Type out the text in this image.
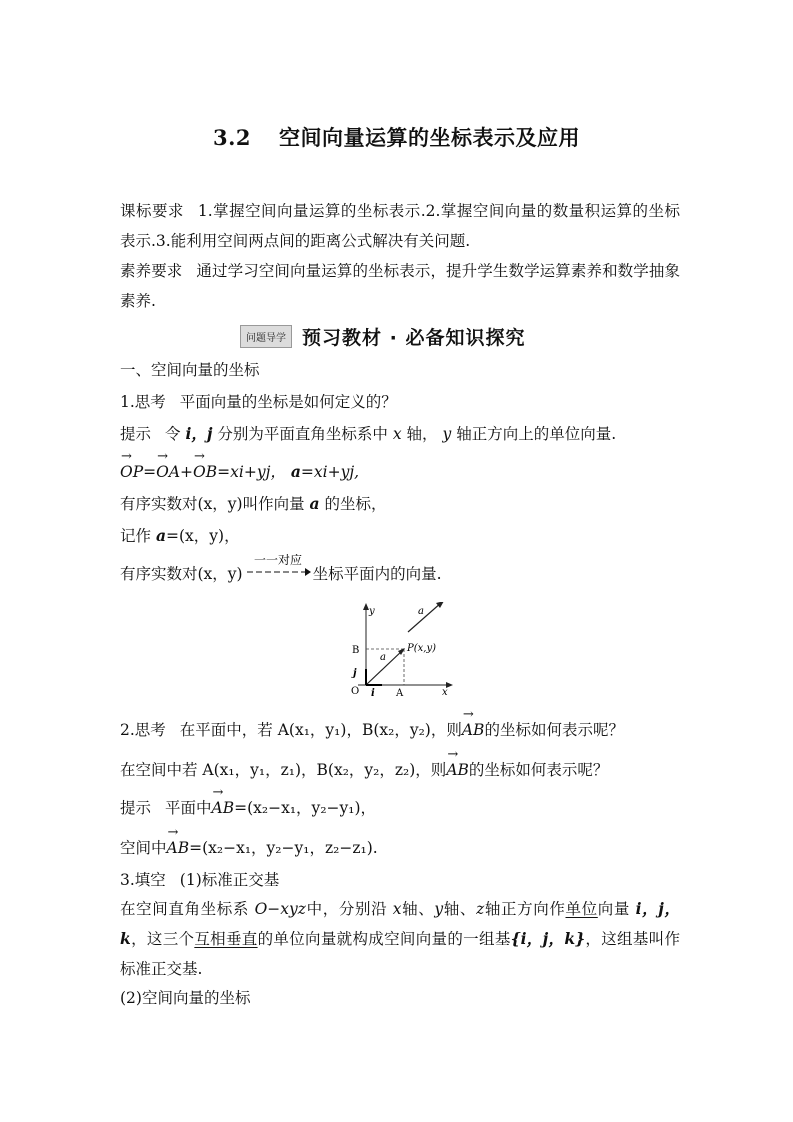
3.2 空间向量运算的坐标表示及应用
课标要求 1.掌握空间向量运算的坐标表示.2.掌握空间向量的数量积运算的坐标表示.3.能利用空间两点间的距离公式解决有关问题.
素养要求 通过学习空间向量运算的坐标表示，提升学生数学运算素养和数学抽象素养.
问题导学 预习教材 · 必备知识探究
一、空间向量的坐标
1.思考 平面向量的坐标是如何定义的？
提示 令 i，j 分别为平面直角坐标系中 x 轴， y 轴正方向上的单位向量.
→ OP=→ OA+→ OB=xi+yj， a=xi+yj,
有序实数对(x，y)叫作向量 a 的坐标，
记作 a=(x，y)，
有序实数对(x，y)
一一对应
坐标平面内的向量.
y
x
O
B
A
j
i
P(x,y)
a
a
2.思考 在平面中，若 A(x₁，y₁)，B(x₂，y₂)，则→ AB的坐标如何表示呢？
在空间中若 A(x₁，y₁，z₁)，B(x₂，y₂，z₂)，则→ AB的坐标如何表示呢？
提示 平面中→ AB=(x₂−x₁，y₂−y₁)，
空间中→ AB=(x₂−x₁，y₂−y₁，z₂−z₁).
3.填空 (1)标准正交基
在空间直角坐标系 O−xyz中，分别沿 x轴、y轴、z轴正方向作单位向量 i，j，k，这三个互相垂直的单位向量就构成空间向量的一组基{i，j，k}，这组基叫作标准正交基.
(2)空间向量的坐标
